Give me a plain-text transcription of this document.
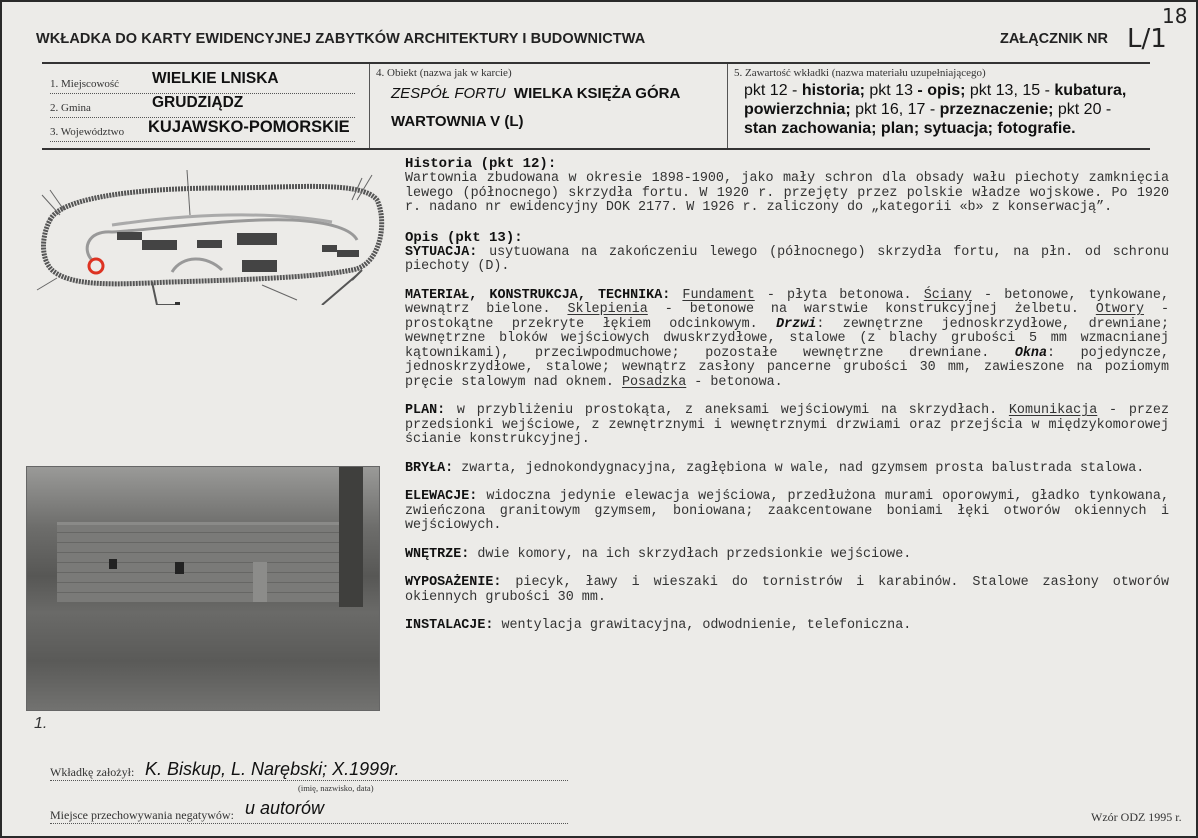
18
WKŁADKA DO KARTY EWIDENCYJNEJ ZABYTKÓW ARCHITEKTURY I BUDOWNICTWA	ZAŁĄCZNIK NR L/1
1. Miejscowość	WIELKIE LNISKA
2. Gmina	GRUDZIĄDZ
3. Województwo	KUJAWSKO-POMORSKIE
4. Obiekt (nazwa jak w karcie)
ZESPÓŁ FORTU WIELKA KSIĘŻA GÓRA
WARTOWNIA V (L)
5. Zawartość wkładki (nazwa materiału uzupełniającego)
pkt 12 - historia; pkt 13 - opis; pkt 13, 15 - kubatura, powierzchnia; pkt 16, 17 - przeznaczenie; pkt 20 - stan zachowania; plan; sytuacja; fotografie.
1.
Historia (pkt 12):
Wartownia zbudowana w okresie 1898-1900, jako mały schron dla obsady wału piechoty zamknięcia lewego (północnego) skrzydła fortu. W 1920 r. przejęty przez polskie władze wojskowe. Po 1920 r. nadano nr ewidencyjny DOK 2177. W 1926 r. zaliczony do „kategorii «b» z konserwacją”.
Opis (pkt 13):
SYTUACJA: usytuowana na zakończeniu lewego (północnego) skrzydła fortu, na płn. od schronu piechoty (D).
MATERIAŁ, KONSTRUKCJA, TECHNIKA: Fundament - płyta betonowa. Ściany - betonowe, tynkowane, wewnątrz bielone. Sklepienia - betonowe na warstwie konstrukcyjnej żelbetu. Otwory - prostokątne przekryte łękiem odcinkowym. Drzwi: zewnętrzne jednoskrzydłowe, drewniane; wewnętrzne bloków wejściowych dwuskrzydłowe, stalowe (z blachy grubości 5 mm wzmacnianej kątownikami), przeciwpodmuchowe; pozostałe wewnętrzne drewniane. Okna: pojedyncze, jednoskrzydłowe, stalowe; wewnątrz zasłony pancerne grubości 30 mm, zawieszone na poziomym pręcie stalowym nad oknem. Posadzka - betonowa.
PLAN: w przybliżeniu prostokąta, z aneksami wejściowymi na skrzydłach. Komunikacja - przez przedsionki wejściowe, z zewnętrznymi i wewnętrznymi drzwiami oraz przejścia w międzykomorowej ścianie konstrukcyjnej.
BRYŁA: zwarta, jednokondygnacyjna, zagłębiona w wale, nad gzymsem prosta balustrada stalowa.
ELEWACJE: widoczna jedynie elewacja wejściowa, przedłużona murami oporowymi, gładko tynkowana, zwieńczona granitowym gzymsem, boniowana; zaakcentowane boniami łęki otworów okiennych i wejściowych.
WNĘTRZE: dwie komory, na ich skrzydłach przedsionkie wejściowe.
WYPOSAŻENIE: piecyk, ławy i wieszaki do tornistrów i karabinów. Stalowe zasłony otworów okiennych grubości 30 mm.
INSTALACJE: wentylacja grawitacyjna, odwodnienie, telefoniczna.
Wkładkę założył: K. Biskup, L. Narębski; X.1999r.
(imię, nazwisko, data)
Miejsce przechowywania negatywów: u autorów	Wzór ODZ 1995 r.
